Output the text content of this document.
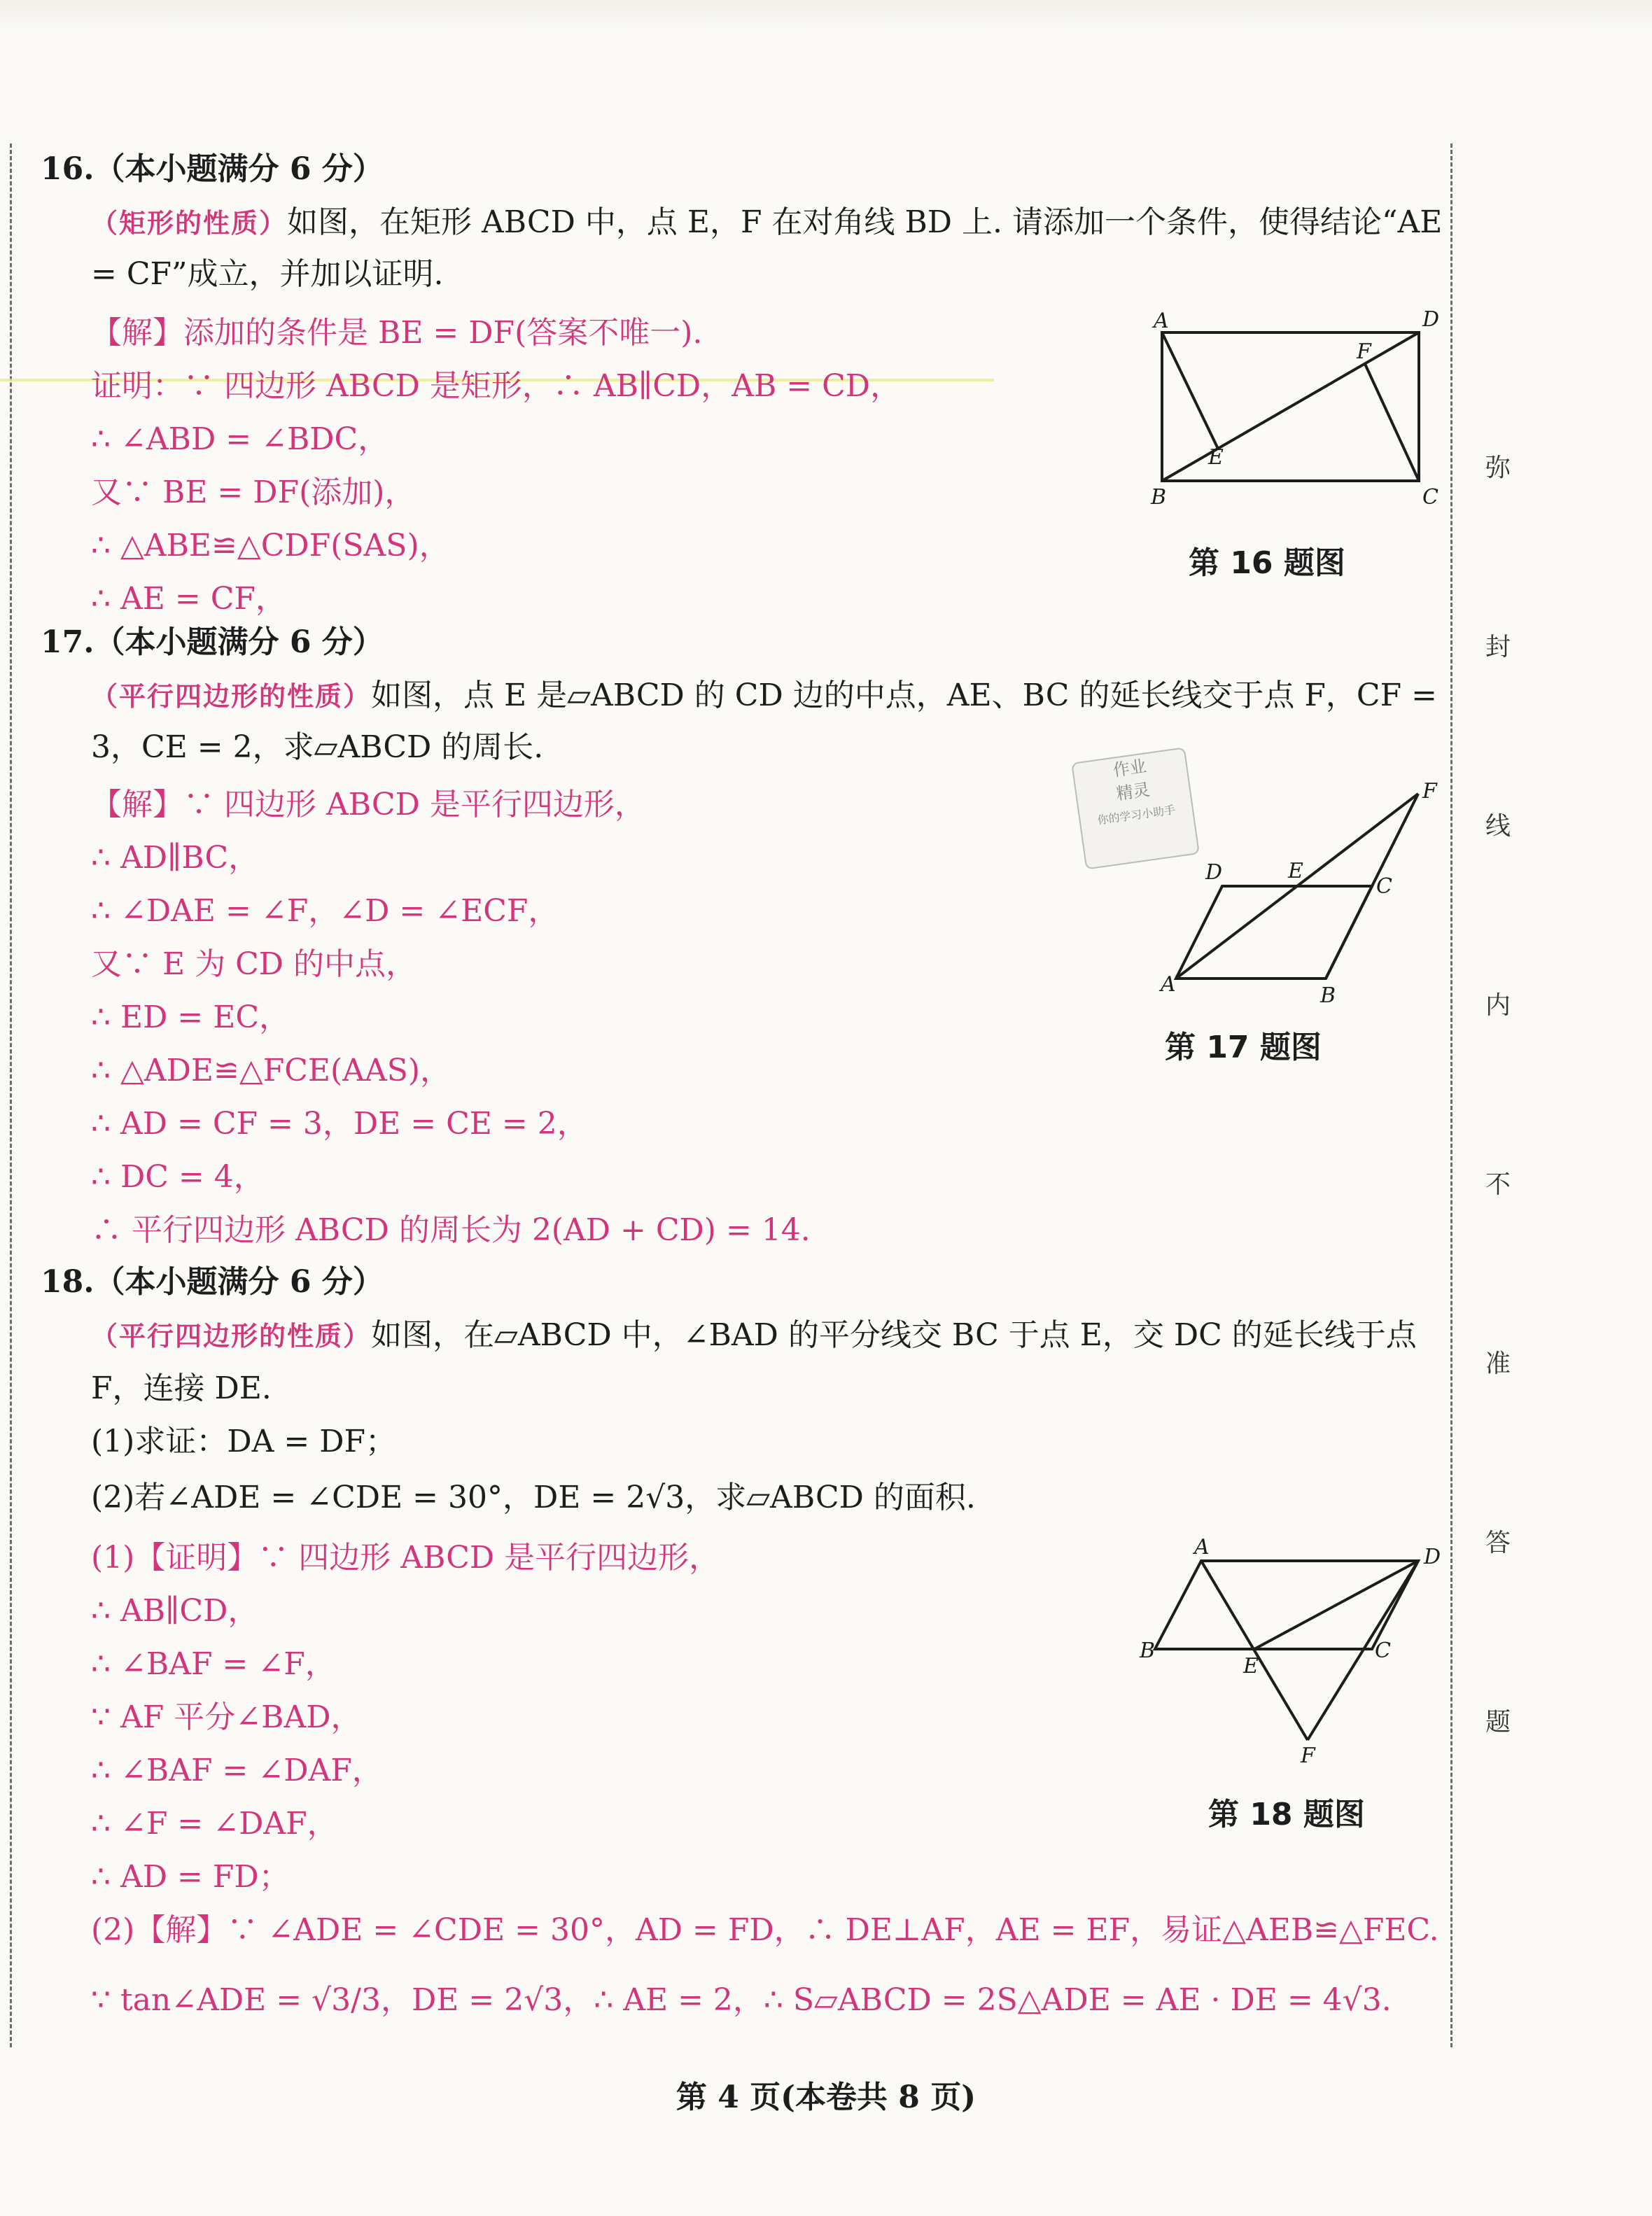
弥
封
线
内
不
准
答
题
16.（本小题满分 6 分）
（矩形的性质）如图，在矩形 ABCD 中，点 E，F 在对角线 BD 上. 请添加一个条件，使得结论“AE
= CF”成立，并加以证明.
【解】添加的条件是 BE = DF(答案不唯一).
证明：∵ 四边形 ABCD 是矩形，∴ AB∥CD，AB = CD，
∴ ∠ABD = ∠BDC，
又∵ BE = DF(添加)，
∴ △ABE≌△CDF(SAS)，
∴ AE = CF，
A	D
B	C
E
F
第 16 题图
17.（本小题满分 6 分）
（平行四边形的性质）如图，点 E 是▱ABCD 的 CD 边的中点，AE、BC 的延长线交于点 F，CF =
3，CE = 2，求▱ABCD 的周长.
【解】∵ 四边形 ABCD 是平行四边形，
∴ AD∥BC，
∴ ∠DAE = ∠F，∠D = ∠ECF，
又∵ E 为 CD 的中点，
∴ ED = EC，
∴ △ADE≌△FCE(AAS)，
∴ AD = CF = 3，DE = CE = 2，
∴ DC = 4，
∴ 平行四边形 ABCD 的周长为 2(AD + CD) = 14.
作业
精灵
你的学习小助手
A	B
C
D	E
F
第 17 题图
18.（本小题满分 6 分）
（平行四边形的性质）如图，在▱ABCD 中，∠BAD 的平分线交 BC 于点 E，交 DC 的延长线于点
F，连接 DE.
(1)求证：DA = DF；
(2)若∠ADE = ∠CDE = 30°，DE = 2√3，求▱ABCD 的面积.
(1)【证明】∵ 四边形 ABCD 是平行四边形，
∴ AB∥CD，
∴ ∠BAF = ∠F，
∵ AF 平分∠BAD，
∴ ∠BAF = ∠DAF，
∴ ∠F = ∠DAF，
∴ AD = FD；
(2)【解】∵ ∠ADE = ∠CDE = 30°，AD = FD，∴ DE⊥AF，AE = EF，易证△AEB≌△FEC.
∵ tan∠ADE = √3/3，DE = 2√3，∴ AE = 2，∴ S▱ABCD = 2S△ADE = AE · DE = 4√3.
A
B	C
D
E
F
第 18 题图
第 4 页(本卷共 8 页)
